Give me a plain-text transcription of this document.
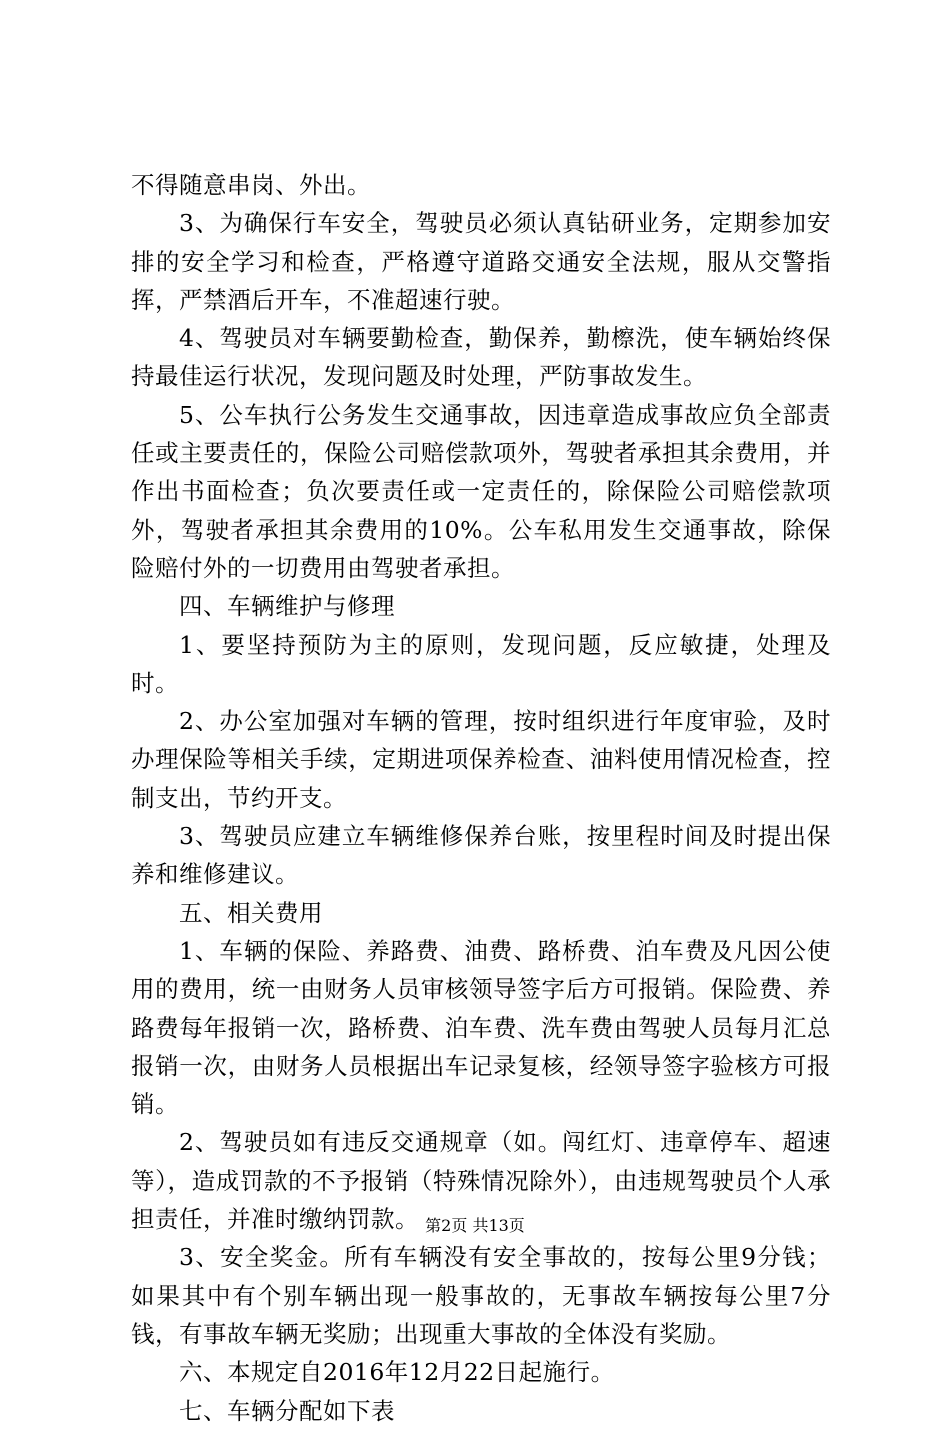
不得随意串岗、外出。

3、为确保行车安全，驾驶员必须认真钻研业务，定期参加安排的安全学习和检查，严格遵守道路交通安全法规，服从交警指挥，严禁酒后开车，不准超速行驶。

4、驾驶员对车辆要勤检查，勤保养，勤檫洗，使车辆始终保持最佳运行状况，发现问题及时处理，严防事故发生。

5、公车执行公务发生交通事故，因违章造成事故应负全部责任或主要责任的，保险公司赔偿款项外，驾驶者承担其余费用，并作出书面检查；负次要责任或一定责任的，除保险公司赔偿款项外，驾驶者承担其余费用的10%。公车私用发生交通事故，除保险赔付外的一切费用由驾驶者承担。

四、车辆维护与修理

1、要坚持预防为主的原则，发现问题，反应敏捷，处理及时。

2、办公室加强对车辆的管理，按时组织进行年度审验，及时办理保险等相关手续，定期进项保养检查、油料使用情况检查，控制支出，节约开支。

3、驾驶员应建立车辆维修保养台账，按里程时间及时提出保养和维修建议。

五、相关费用

1、车辆的保险、养路费、油费、路桥费、泊车费及凡因公使用的费用，统一由财务人员审核领导签字后方可报销。保险费、养路费每年报销一次，路桥费、泊车费、洗车费由驾驶人员每月汇总报销一次，由财务人员根据出车记录复核，经领导签字验核方可报销。

2、驾驶员如有违反交通规章（如。闯红灯、违章停车、超速等），造成罚款的不予报销（特殊情况除外），由违规驾驶员个人承担责任，并准时缴纳罚款。

3、安全奖金。所有车辆没有安全事故的，按每公里9分钱；如果其中有个别车辆出现一般事故的，无事故车辆按每公里7分钱，有事故车辆无奖励；出现重大事故的全体没有奖励。

六、本规定自2016年12月22日起施行。

七、车辆分配如下表

第2页 共13页
